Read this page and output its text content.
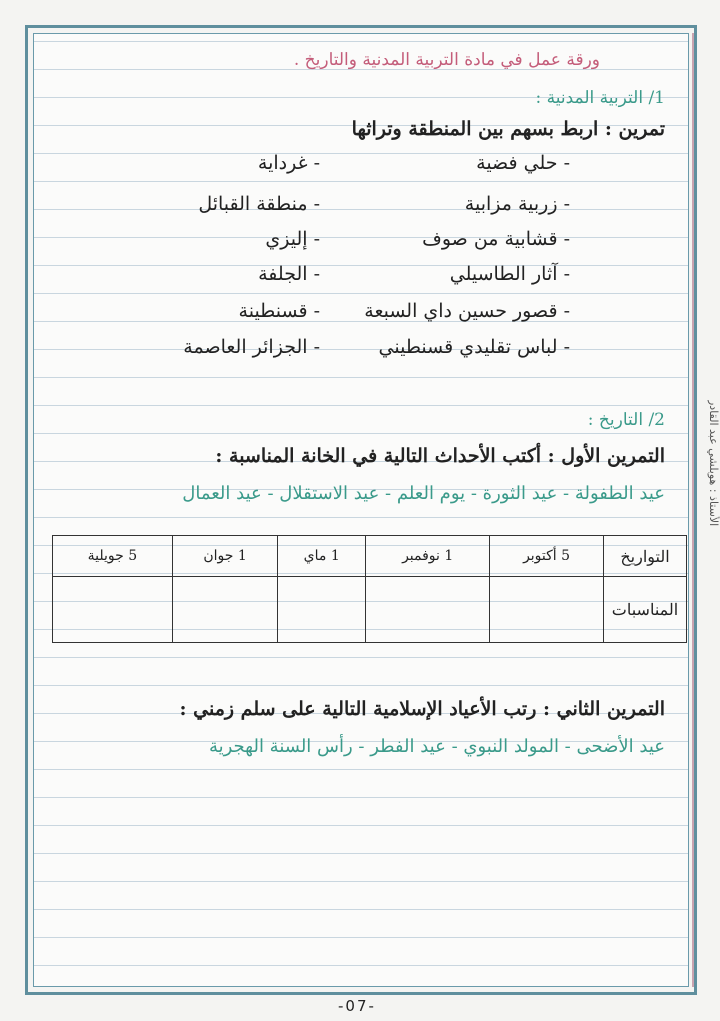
الأستاذ : هوبلشي عبد القادر
ورقة عمل في مادة التربية المدنية والتاريخ .
1/ التربية المدنية :
تمرين : اربط بسهم بين المنطقة وتراثها
- حلي فضية
- زربية مزابية
- قشابية من صوف
- آثار الطاسيلي
- قصور حسين داي السبعة
- لباس تقليدي قسنطيني
- غرداية
- منطقة القبائل
- إليزي
- الجلفة
- قسنطينة
- الجزائر العاصمة
2/ التاريخ :
التمرين الأول : أكتب الأحداث التالية في الخانة المناسبة :
عيد الطفولة - عيد الثورة - يوم العلم - عيد الاستقلال - عيد العمال
التواريخ	5 أكتوبر	1 نوفمبر	1 ماي	1 جوان	5 جويلية
المناسبات					
التمرين الثاني : رتب الأعياد الإسلامية التالية على سلم زمني :
عيد الأضحى - المولد النبوي - عيد الفطر - رأس السنة الهجرية
-07-
